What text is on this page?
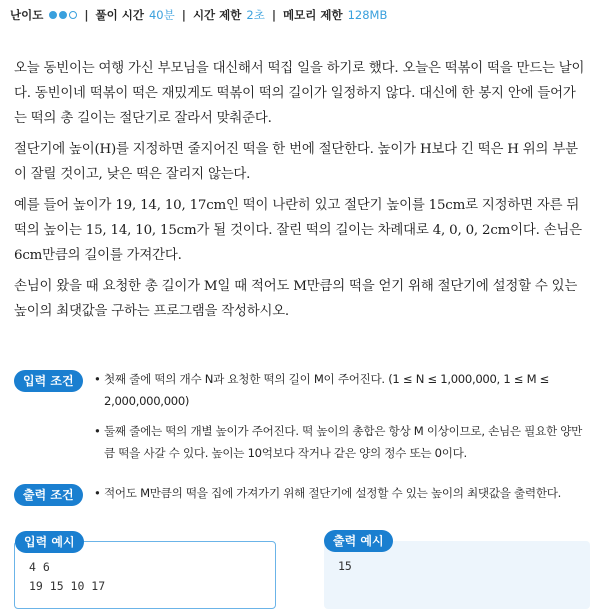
난이도	| 풀이 시간 40분 | 시간 제한 2초 | 메모리 제한 128MB

오늘 동빈이는 여행 가신 부모님을 대신해서 떡집 일을 하기로 했다. 오늘은 떡볶이 떡을 만드는 날이다. 동빈이네 떡볶이 떡은 재밌게도 떡볶이 떡의 길이가 일정하지 않다. 대신에 한 봉지 안에 들어가는 떡의 총 길이는 절단기로 잘라서 맞춰준다.

절단기에 높이(H)를 지정하면 줄지어진 떡을 한 번에 절단한다. 높이가 H보다 긴 떡은 H 위의 부분이 잘릴 것이고, 낮은 떡은 잘리지 않는다.

예를 들어 높이가 19, 14, 10, 17cm인 떡이 나란히 있고 절단기 높이를 15cm로 지정하면 자른 뒤 떡의 높이는 15, 14, 10, 15cm가 될 것이다. 잘린 떡의 길이는 차례대로 4, 0, 0, 2cm이다. 손님은 6cm만큼의 길이를 가져간다.

손님이 왔을 때 요청한 총 길이가 M일 때 적어도 M만큼의 떡을 얻기 위해 절단기에 설정할 수 있는 높이의 최댓값을 구하는 프로그램을 작성하시오.

입력 조건	• 첫째 줄에 떡의 개수 N과 요청한 떡의 길이 M이 주어진다. (1 ≤ N ≤ 1,000,000, 1 ≤ M ≤ 2,000,000,000)
• 둘째 줄에는 떡의 개별 높이가 주어진다. 떡 높이의 총합은 항상 M 이상이므로, 손님은 필요한 양만큼 떡을 사갈 수 있다. 높이는 10억보다 작거나 같은 양의 정수 또는 0이다.
출력 조건	• 적어도 M만큼의 떡을 집에 가져가기 위해 절단기에 설정할 수 있는 높이의 최댓값을 출력한다.
입력 예시
4 6
19 15 10 17
출력 예시
15
